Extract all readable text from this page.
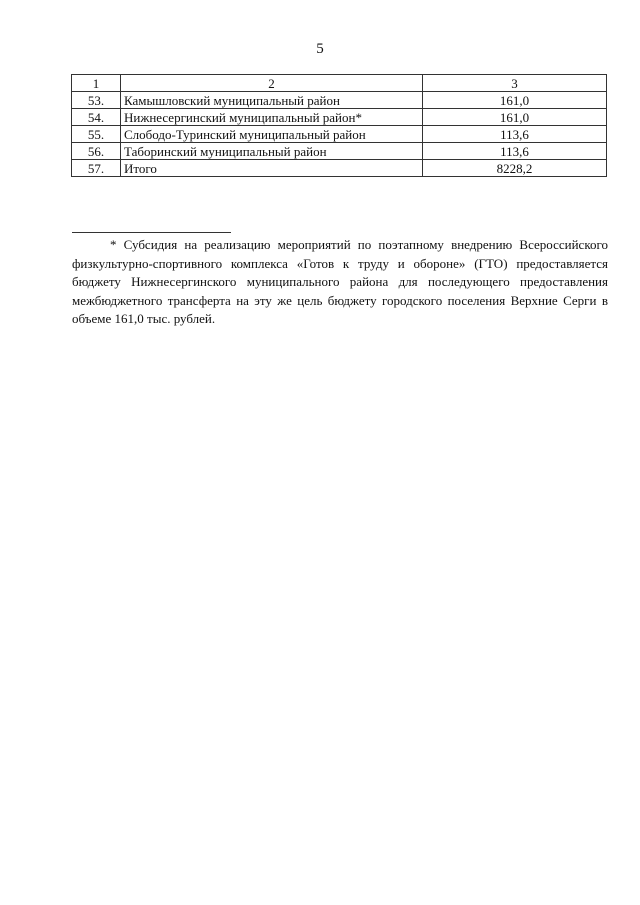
5
1	2	3
53.	Камышловский муниципальный район	161,0
54.	Нижнесергинский муниципальный район*	161,0
55.	Слободо-Туринский муниципальный район	113,6
56.	Таборинский муниципальный район	113,6
57.	Итого	8228,2

* Субсидия на реализацию мероприятий по поэтапному внедрению Всероссийского физкультурно-спортивного комплекса «Готов к труду и обороне» (ГТО) предоставляется бюджету Нижнесергинского муниципального района для последующего предоставления межбюджетного трансферта на эту же цель бюджету городского поселения Верхние Серги в объеме 161,0 тыс. рублей.
